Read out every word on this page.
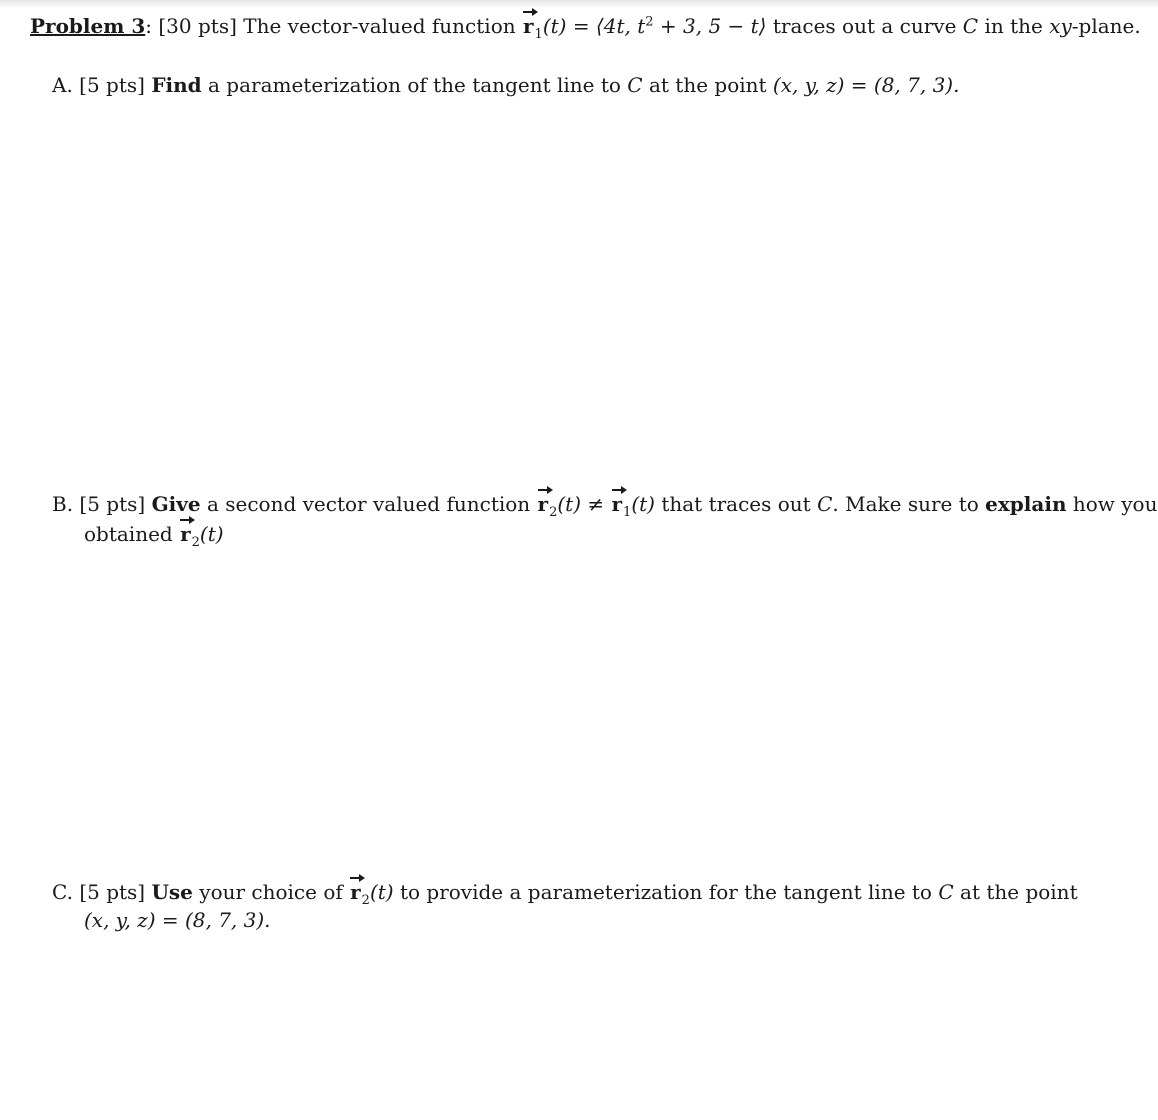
Problem 3: [30 pts] The vector-valued function $r_1(t)$ = ⟨4t, $t^2 + 3$, 5 − t⟩ traces out a curve C in the xy-plane.
A. [5 pts] Find a parameterization of the tangent line to C at the point (x, y, z) = (8, 7, 3).
B. [5 pts] Give a second vector valued function $r_2(t) \ne r_1(t)$ that traces out C. Make sure to explain how you
obtained $r_2(t)$
C. [5 pts] Use your choice of $r_2(t)$ to provide a parameterization for the tangent line to C at the point
(x, y, z) = (8, 7, 3).
